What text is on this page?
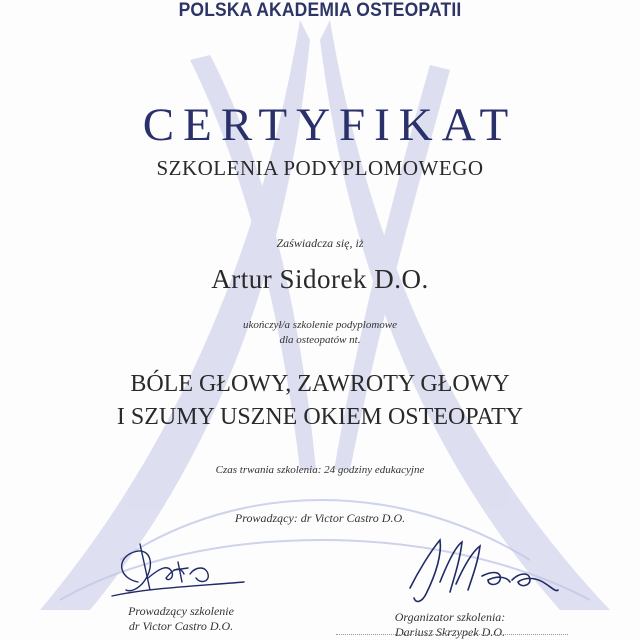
POLSKA AKADEMIA OSTEOPATII
CERTYFIKAT
SZKOLENIA PODYPLOMOWEGO
Zaświadcza się, iż
Artur Sidorek D.O.
ukończył/a szkolenie podyplomowe
dla osteopatów nt.
BÓLE GŁOWY, ZAWROTY GŁOWY
I SZUMY USZNE OKIEM OSTEOPATY
Czas trwania szkolenia: 24 godziny edukacyjne
Prowadzący: dr Victor Castro D.O.
Prowadzący szkolenie
dr Victor Castro D.O.
Organizator szkolenia:
Dariusz Skrzypek D.O.
